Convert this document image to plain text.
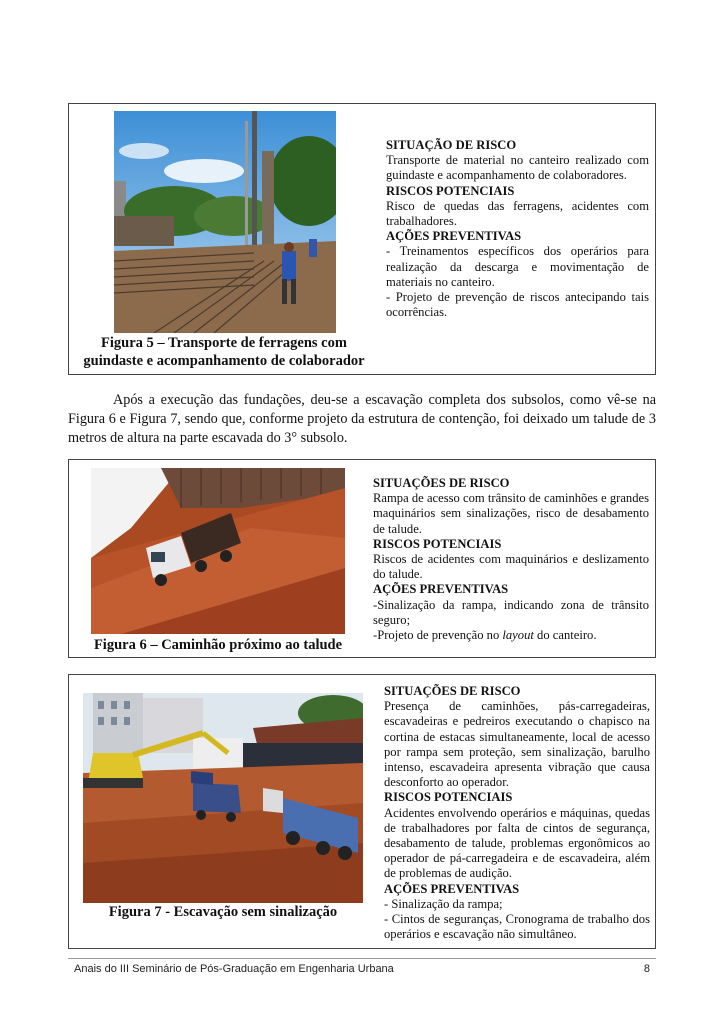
Figura 5 – Transporte de ferragens com
guindaste e acompanhamento de colaborador

SITUAÇÃO DE RISCO

Transporte de material no canteiro realizado com guindaste e acompanhamento de colaboradores.

RISCOS POTENCIAIS

Risco de quedas das ferragens, acidentes com trabalhadores.

AÇÕES PREVENTIVAS

- Treinamentos específicos dos operários para realização da descarga e movimentação de materiais no canteiro.

- Projeto de prevenção de riscos antecipando tais ocorrências.

Após a execução das fundações, deu-se a escavação completa dos subsolos, como vê-se na Figura 6 e Figura 7, sendo que, conforme projeto da estrutura de contenção, foi deixado um talude de 3 metros de altura na parte escavada do 3° subsolo.

Figura 6 – Caminhão próximo ao talude

SITUAÇÕES DE RISCO

Rampa de acesso com trânsito de caminhões e grandes maquinários sem sinalizações, risco de desabamento de talude.

RISCOS POTENCIAIS

Riscos de acidentes com maquinários e deslizamento do talude.

AÇÕES PREVENTIVAS

-Sinalização da rampa, indicando zona de trânsito seguro;

-Projeto de prevenção no layout do canteiro.

Figura 7 - Escavação sem sinalização

SITUAÇÕES DE RISCO

Presença de caminhões, pás-carregadeiras, escavadeiras e pedreiros executando o chapisco na cortina de estacas simultaneamente, local de acesso por rampa sem proteção, sem sinalização, barulho intenso, escavadeira apresenta vibração que causa desconforto ao operador.

RISCOS POTENCIAIS

Acidentes envolvendo operários e máquinas, quedas de trabalhadores por falta de cintos de segurança, desabamento de talude, problemas ergonômicos ao operador de pá-carregadeira e de escavadeira, além de problemas de audição.

AÇÕES PREVENTIVAS

- Sinalização da rampa;

- Cintos de seguranças, Cronograma de trabalho dos operários e escavação não simultâneo.

Anais do III Seminário de Pós-Graduação em Engenharia Urbana	8
